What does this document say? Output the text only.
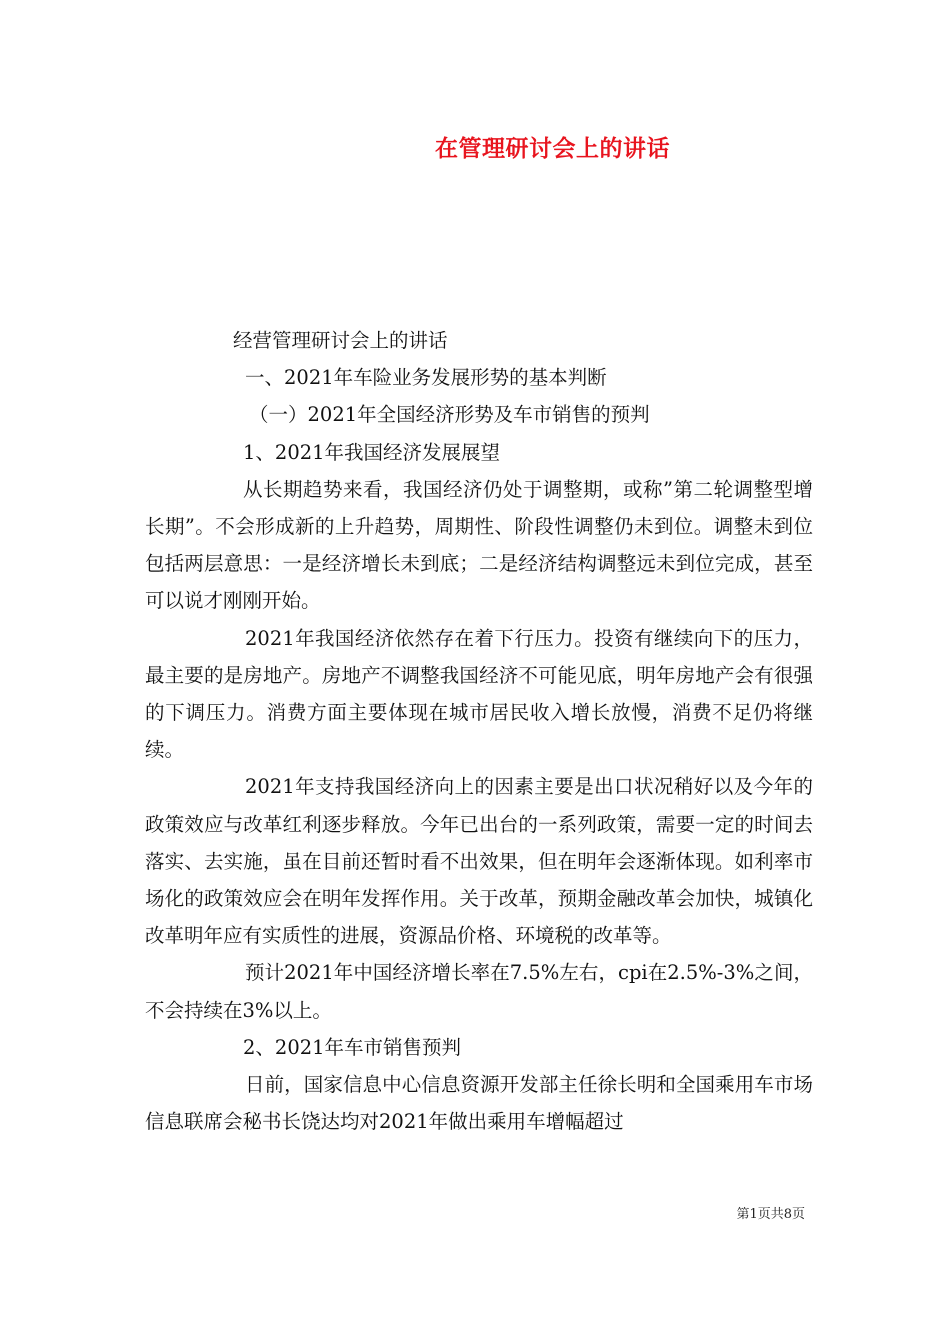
在管理研讨会上的讲话
经营管理研讨会上的讲话
一、2021年车险业务发展形势的基本判断
（一）2021年全国经济形势及车市销售的预判
1、2021年我国经济发展展望

从长期趋势来看，我国经济仍处于调整期，或称”第二轮调整型增长期”。不会形成新的上升趋势，周期性、阶段性调整仍未到位。调整未到位包括两层意思：一是经济增长未到底；二是经济结构调整远未到位完成，甚至可以说才刚刚开始。

2021年我国经济依然存在着下行压力。投资有继续向下的压力，最主要的是房地产。房地产不调整我国经济不可能见底，明年房地产会有很强的下调压力。消费方面主要体现在城市居民收入增长放慢，消费不足仍将继续。

2021年支持我国经济向上的因素主要是出口状况稍好以及今年的政策效应与改革红利逐步释放。今年已出台的一系列政策，需要一定的时间去落实、去实施，虽在目前还暂时看不出效果，但在明年会逐渐体现。如利率市场化的政策效应会在明年发挥作用。关于改革，预期金融改革会加快，城镇化改革明年应有实质性的进展，资源品价格、环境税的改革等。

预计2021年中国经济增长率在7.5%左右，cpi在2.5%-3%之间，不会持续在3%以上。

2、2021年车市销售预判

日前，国家信息中心信息资源开发部主任徐长明和全国乘用车市场信息联席会秘书长饶达均对2021年做出乘用车增幅超过

第1页共8页
